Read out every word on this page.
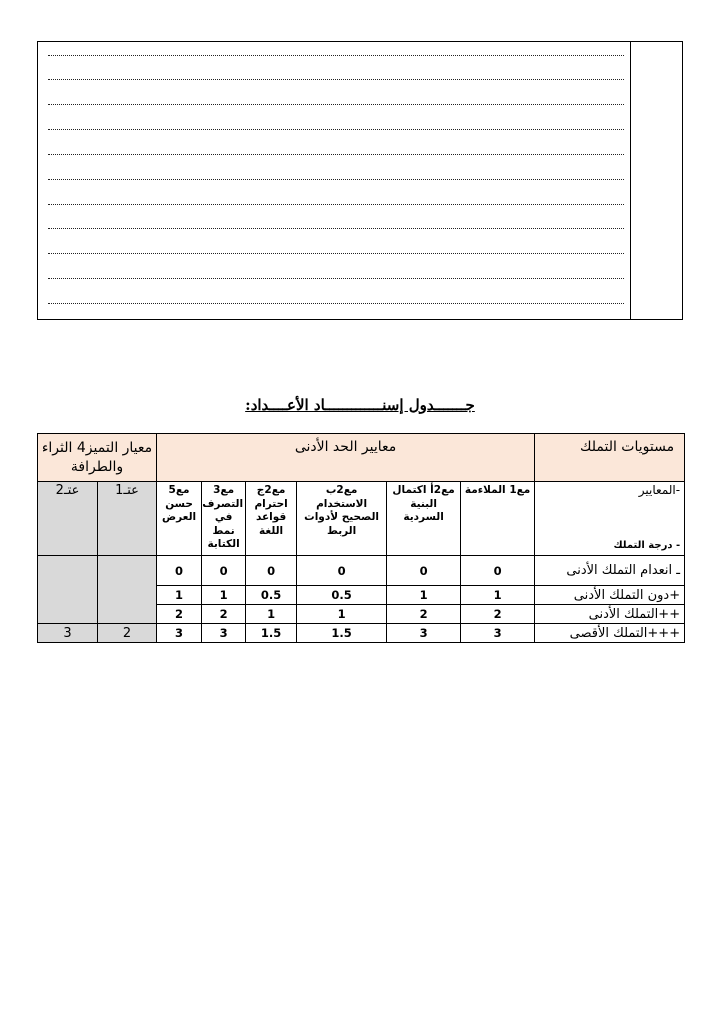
جـــــــدول إسنـــــــــــــاد الأعــــداد:
مستويات التملك	معايير الحد الأدنى						معيار التميز4 الثراء والطرافة	

-المعايير
- درجة التملك	مع1 الملاءمة	مع2أ اكتمال البنية السردية	مع2ب الاستخدام الصحيح لأدوات الربط	مع2ج احترام قواعد اللغة	مع3 التصرف في نمط الكتابة	مع5 حسن العرض	عتـ1	عتـ2
ـ انعدام التملك الأدنى	0	0	0	0	0	0		
+دون التملك الأدنى	1	1	0.5	0.5	1	1		
++التملك الأدنى	2	2	1	1	2	2		
+++التملك الأقصى	3	3	1.5	1.5	3	3	2	3
